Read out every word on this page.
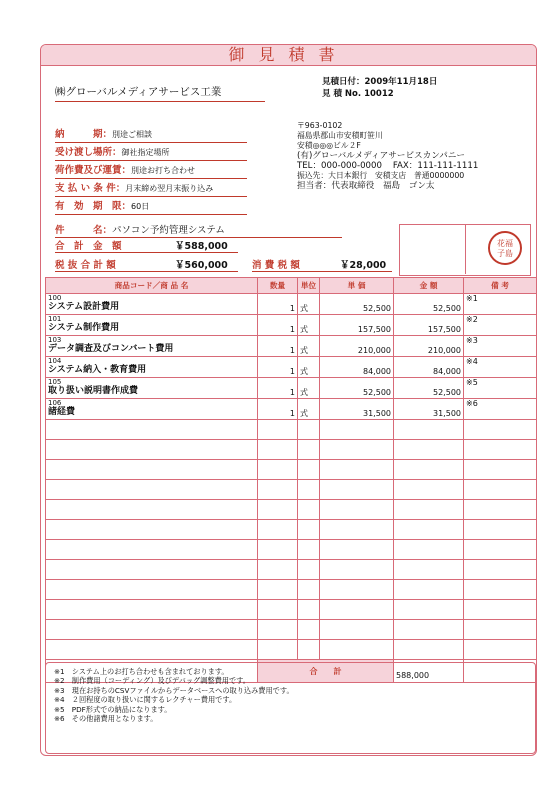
御見積書
㈱グローバルメディアサービス工業
見積日付：2009年11月18日
見 積 No. 10012
納　　　期：別途ご相談
受け渡し場所：御社指定場所
荷作費及び運賃：別途お打ち合わせ
支 払 い 条 件：月末締め翌月末振り込み
有　効　期　限：60日
〒963-0102
福島県郡山市安積町笹川
安積◎◎◎ビル２F
(有)グローバルメディアサービスカンパニー
TEL：000-000-0000 FAX：111-111-1111
振込先：大日本銀行　安積支店　普通0000000
担当者：代表取締役　福島　ゴン太
件　　　名：パソコン予約管理システム
合　計　金　額	￥588,000
税 抜 合 計 額	￥560,000	消 費 税 額	￥28,000
花福
子島
商品コード／商 品 名	数量	単位	単 価	金 額	備 考

100
システム設計費用	1	式	52,500	52,500	※1

101
システム制作費用	1	式	157,500	157,500	※2

103
データ調査及びコンバート費用	1	式	210,000	210,000	※3

104
システム納入・教育費用	1	式	84,000	84,000	※4

105
取り扱い説明書作成費	1	式	52,500	52,500	※5

106
諸経費	1	式	31,500	31,500	※6

	合　　計			588,000	
※1　システム上のお打ち合わせも含まれております。
※2　制作費用（コーディング）及びデバッグ調整費用です。
※3　現在お持ちのCSVファイルからデータベースへの取り込み費用です。
※4　２回程度の取り扱いに関するレクチャー費用です。
※5　PDF形式での納品になります。
※6　その他諸費用となります。
